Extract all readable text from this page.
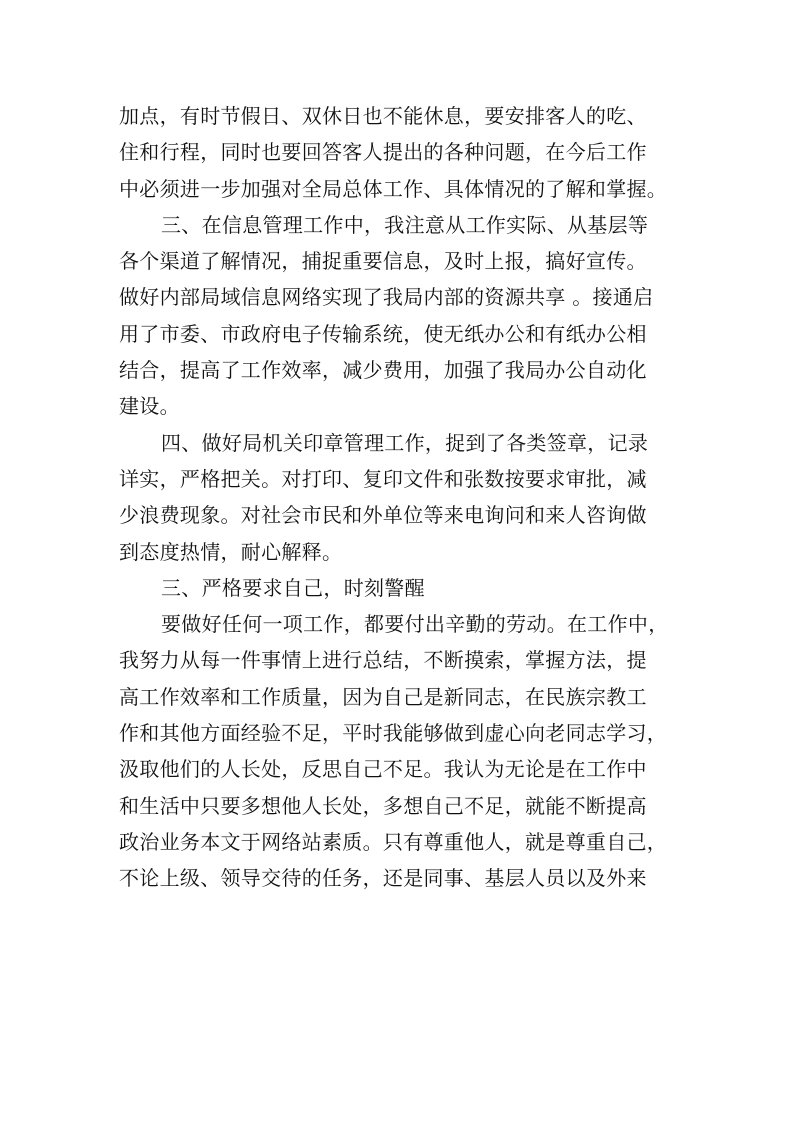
加点，有时节假日、双休日也不能休息，要安排客人的吃、
住和行程，同时也要回答客人提出的各种问题，在今后工作
中必须进一步加强对全局总体工作、具体情况的了解和掌握。
三、在信息管理工作中，我注意从工作实际、从基层等
各个渠道了解情况，捕捉重要信息，及时上报，搞好宣传。
做好内部局域信息网络实现了我局内部的资源共享 。接通启
用了市委、市政府电子传输系统，使无纸办公和有纸办公相
结合，提高了工作效率，减少费用，加强了我局办公自动化
建设。
四、做好局机关印章管理工作，捉到了各类签章，记录
详实，严格把关。对打印、复印文件和张数按要求审批，减
少浪费现象。对社会市民和外单位等来电询问和来人咨询做
到态度热情，耐心解释。
三、严格要求自己，时刻警醒
要做好任何一项工作，都要付出辛勤的劳动。在工作中，
我努力从每一件事情上进行总结，不断摸索，掌握方法，提
高工作效率和工作质量，因为自己是新同志，在民族宗教工
作和其他方面经验不足，平时我能够做到虚心向老同志学习，
汲取他们的人长处，反思自己不足。我认为无论是在工作中
和生活中只要多想他人长处，多想自己不足，就能不断提高
政治业务本文于网络站素质。只有尊重他人，就是尊重自己，
不论上级、领导交待的任务，还是同事、基层人员以及外来
